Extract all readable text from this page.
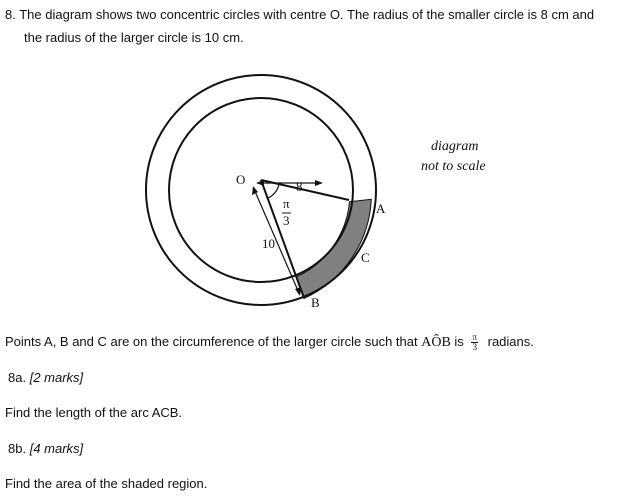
8. The diagram shows two concentric circles with centre O. The radius of the smaller circle is 8 cm and
the radius of the larger circle is 10 cm.
O
A
B
C
8
10
π
3
diagram
not to scale
Points A, B and C are on the circumference of the larger circle such that AÔB is $\frac{\pi}{3}$ radians.
8a. [2 marks]
Find the length of the arc ACB.
8b. [4 marks]
Find the area of the shaded region.
